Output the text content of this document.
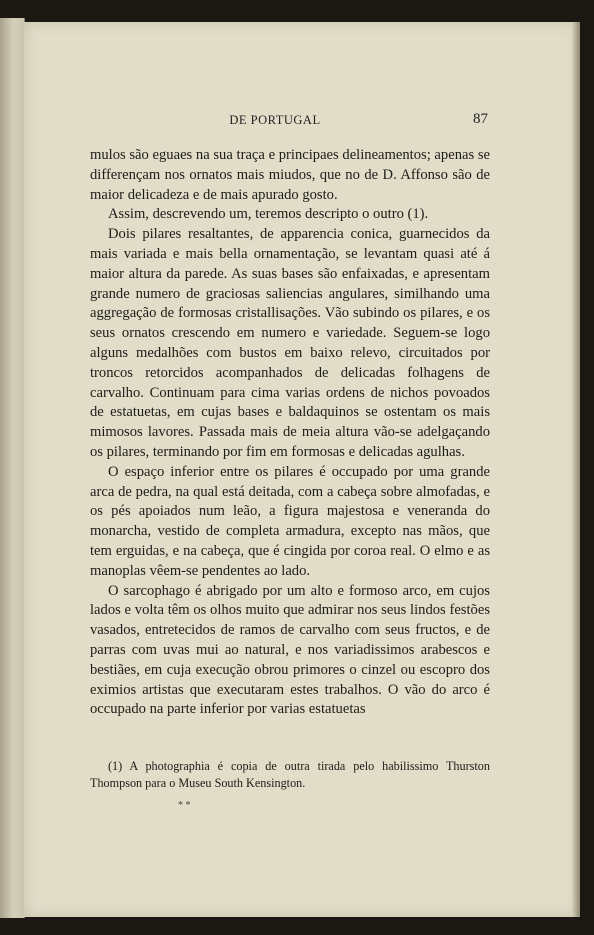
DE PORTUGAL	87

mulos são eguaes na sua traça e principaes delineamentos; apenas se differençam nos ornatos mais miudos, que no de D. Affonso são de maior delicadeza e de mais apurado gosto.

Assim, descrevendo um, teremos descripto o outro (1).

Dois pilares resaltantes, de apparencia conica, guarnecidos da mais variada e mais bella ornamentação, se levantam quasi até á maior altura da parede. As suas bases são enfaixadas, e apresentam grande numero de graciosas saliencias angulares, similhando uma aggregação de formosas cristallisações. Vão subindo os pilares, e os seus ornatos crescendo em numero e variedade. Seguem-se logo alguns medalhões com bustos em baixo relevo, circuitados por troncos retorcidos acompanhados de delicadas folhagens de carvalho. Continuam para cima varias ordens de nichos povoados de estatuetas, em cujas bases e baldaquinos se ostentam os mais mimosos lavores. Passada mais de meia altura vão-se adelgaçando os pilares, terminando por fim em formosas e delicadas agulhas.

O espaço inferior entre os pilares é occupado por uma grande arca de pedra, na qual está deitada, com a cabeça sobre almofadas, e os pés apoiados num leão, a figura majestosa e veneranda do monarcha, vestido de completa armadura, excepto nas mãos, que tem erguidas, e na cabeça, que é cingida por coroa real. O elmo e as manoplas vêem-se pendentes ao lado.

O sarcophago é abrigado por um alto e formoso arco, em cujos lados e volta têm os olhos muito que admirar nos seus lindos festões vasados, entretecidos de ramos de carvalho com seus fructos, e de parras com uvas mui ao natural, e nos variadissimos arabescos e bestiães, em cuja execução obrou primores o cinzel ou escopro dos eximios artistas que executaram estes trabalhos. O vão do arco é occupado na parte inferior por varias estatuetas

(1) A photographia é copia de outra tirada pelo habilissimo Thurston Thompson para o Museu South Kensington.

* *
